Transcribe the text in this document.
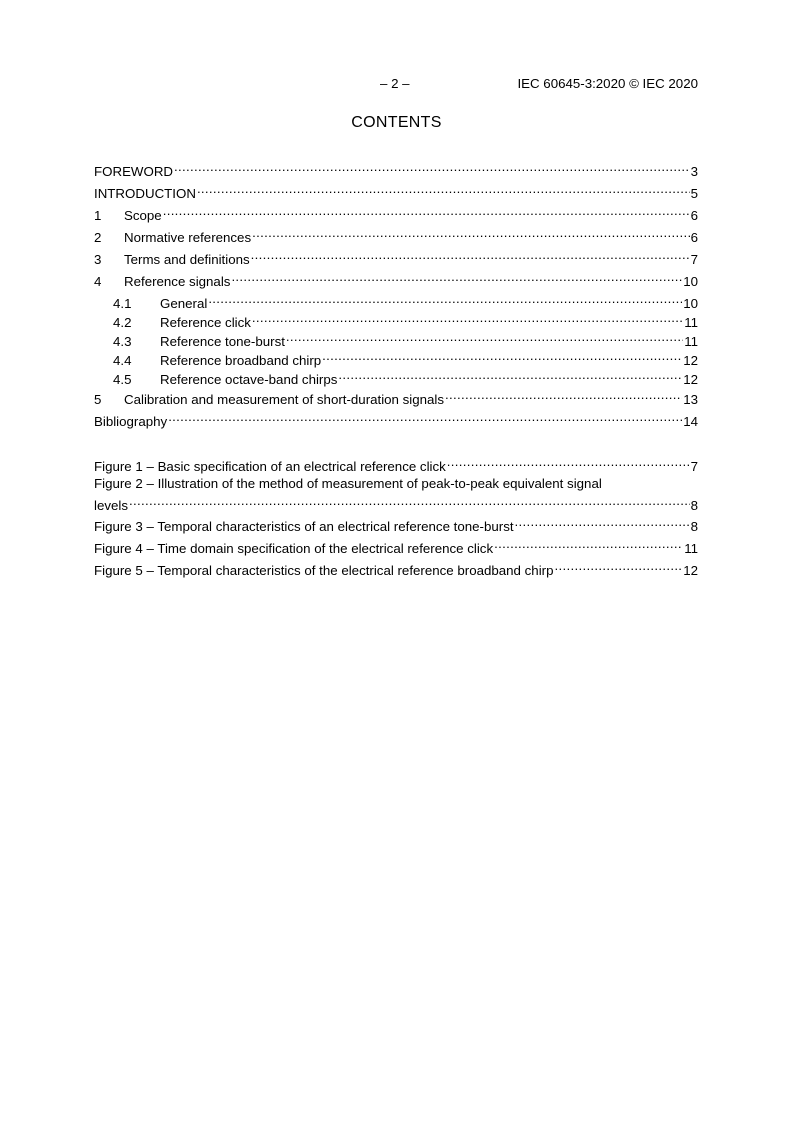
– 2 –	IEC 60645-3:2020 © IEC 2020
CONTENTS
FOREWORD .....	3
INTRODUCTION .....	5
1	Scope .....	6
2	Normative references .....	6
3	Terms and definitions .....	7
4	Reference signals .....	10
4.1	General .....	10
4.2	Reference click .....	11
4.3	Reference tone-burst .....	11
4.4	Reference broadband chirp .....	12
4.5	Reference octave-band chirps .....	12
5	Calibration and measurement of short-duration signals .....	13
Bibliography .....	14
Figure 1 – Basic specification of an electrical reference click .....	7
Figure 2 – Illustration of the method of measurement of peak-to-peak equivalent signal
levels .....	8
Figure 3 – Temporal characteristics of an electrical reference tone-burst .....	8
Figure 4 – Time domain specification of the electrical reference click .....	11
Figure 5 – Temporal characteristics of the electrical reference broadband chirp .....	12
